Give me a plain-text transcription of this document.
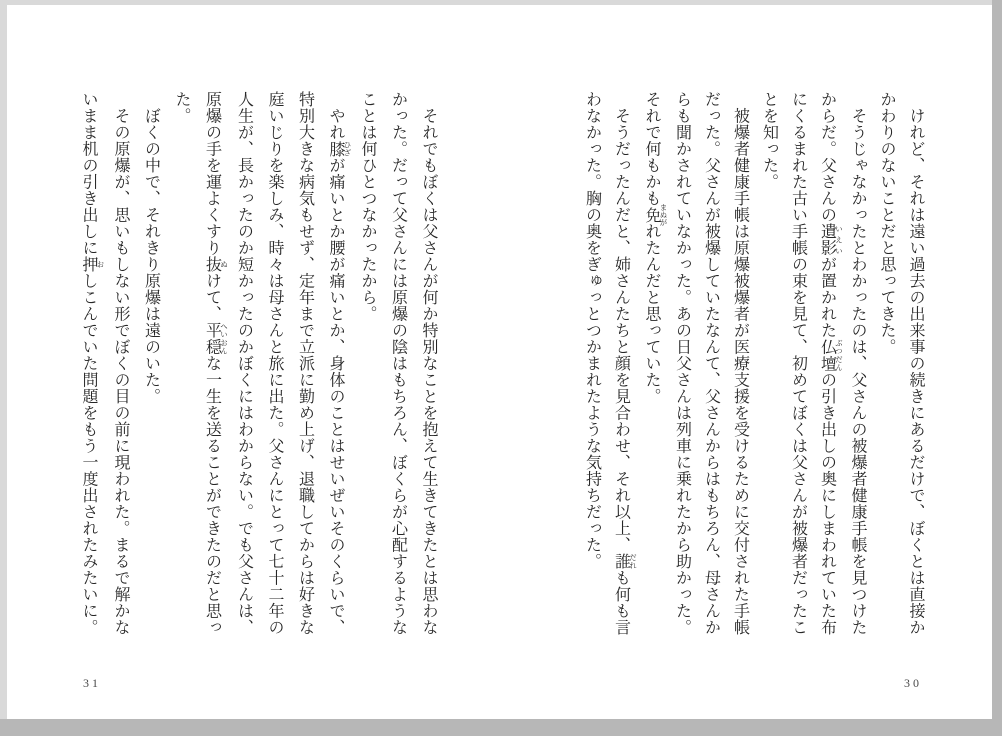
　けれど、それは遠い過去の出来事の続きにあるだけで、ぼくとは直接か

かわりのないことだと思ってきた。

　そうじゃなかったとわかったのは、父さんの被爆者健康手帳を見つけた

からだ。父さんの遺影 いえいが置かれた仏壇 ぶつだんの引き出しの奥にしまわれていた布

にくるまれた古い手帳の束を見て、初めてぼくは父さんが被爆者だったこ

とを知った。

　被爆者健康手帳は原爆被爆者が医療支援を受けるために交付された手帳

だった。父さんが被爆していたなんて、父さんからはもちろん、母さんか

らも聞かされていなかった。あの日父さんは列車に乗れたから助かった。

それで何もかも免 まぬがれたんだと思っていた。

　そうだったんだと、姉さんたちと顔を見合わせ、それ以上、誰 だれも何も言

わなかった。胸の奥をぎゅっとつかまれたような気持ちだった。

　それでもぼくは父さんが何か特別なことを抱えて生きてきたとは思わな

かった。だって父さんには原爆の陰はもちろん、ぼくらが心配するような

ことは何ひとつなかったから。

　やれ膝 ひざが痛いとか腰が痛いとか、身体のことはせいぜいそのくらいで、

特別大きな病気もせず、定年まで立派に勤め上げ、退職してからは好きな

庭いじりを楽しみ、時々は母さんと旅に出た。父さんにとって七十二年の

人生が、長かったのか短かったのかぼくにはわからない。でも父さんは、

原爆の手を運よくすり抜 ぬけて、平穏 へいおんな一生を送ることができたのだと思っ

た。

　ぼくの中で、それきり原爆は遠のいた。

　その原爆が、思いもしない形でぼくの目の前に現われた。まるで解かな

いまま机の引き出しに押 おしこんでいた問題をもう一度出されたみたいに。

31	30
